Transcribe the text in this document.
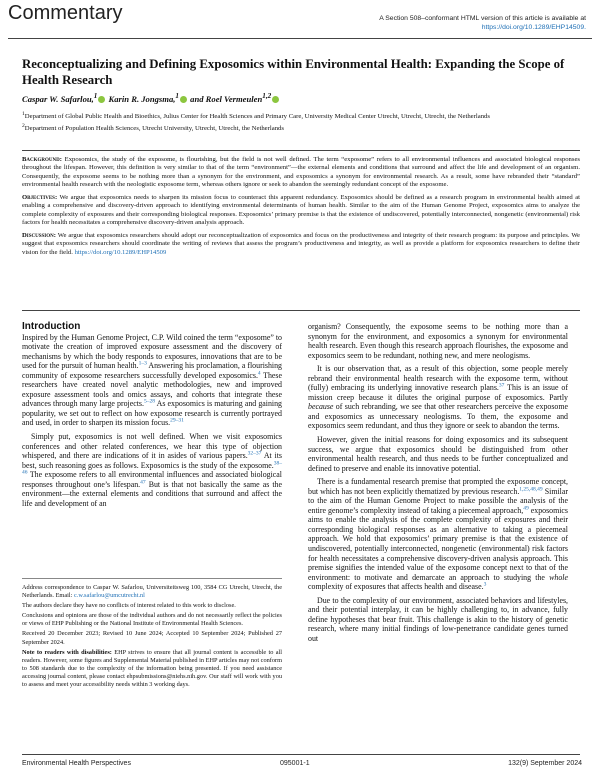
Commentary	A Section 508–conformant HTML version of this article is available at https://doi.org/10.1289/EHP14509.
Reconceptualizing and Defining Exposomics within Environmental Health: Expanding the Scope of Health Research
Caspar W. Safarlou,$^1$ Karin R. Jongsma,$^1$ and Roel Vermeulen$^{1,2}$
$^1$Department of Global Public Health and Bioethics, Julius Center for Health Sciences and Primary Care, University Medical Center Utrecht, Utrecht, Utrecht, the Netherlands
$^2$Department of Population Health Sciences, Utrecht University, Utrecht, Utrecht, the Netherlands

Background: Exposomics, the study of the exposome, is flourishing, but the field is not well defined. The term “exposome” refers to all environmental influences and associated biological responses throughout the lifespan. However, this definition is very similar to that of the term “environment”—the external elements and conditions that surround and affect the life and development of an organism. Consequently, the exposome seems to be nothing more than a synonym for the environment, and exposomics a synonym for environmental research. As a result, some have rebranded their “standard” environmental health research with the neologistic exposome term, whereas others ignore or seek to abandon the seemingly redundant concept of the exposome.

Objectives: We argue that exposomics needs to sharpen its mission focus to counteract this apparent redundancy. Exposomics should be defined as a research program in environmental health aimed at enabling a comprehensive and discovery-driven approach to identifying environmental determinants of human health. Similar to the aim of the Human Genome Project, exposomics aims to analyze the complete complexity of exposures and their corresponding biological responses. Exposomics’ primary premise is that the existence of undiscovered, potentially interconnected, nongenetic (environmental) risk factors for health necessitates a comprehensive discovery-driven analysis approach.

Discussion: We argue that exposomics researchers should adopt our reconceptualization of exposomics and focus on the productiveness and integrity of their research program: its purpose and principles. We suggest that exposomics researchers should coordinate the writing of reviews that assess the program’s productiveness and integrity, as well as provide a platform for exposomics researchers to define their vision for the field. https://doi.org/10.1289/EHP14509

Introduction

Inspired by the Human Genome Project, C.P. Wild coined the term “exposome” to motivate the creation of improved exposure assessment and the discovery of mechanisms by which the body responds to exposures, innovations that are to be used for the pursuit of human health.$^{1-3}$ Answering his proclamation, a flourishing community of exposome researchers successfully developed exposomics.$^4$ These researchers have created novel analytic methodologies, new and improved exposure assessment tools and omics assays, and cohorts that integrate these advances through many large projects.$^{5-28}$ As exposomics is maturing and gaining popularity, we set out to reflect on how exposome research is currently portrayed and used, in order to sharpen its mission focus.$^{29-31}$

Simply put, exposomics is not well defined. When we visit exposomics conferences and other related conferences, we hear this type of objection whispered, and there are indications of it in asides of various papers.$^{32-37}$ At its best, such reasoning goes as follows. Exposomics is the study of the exposome.$^{38-46}$ The exposome refers to all environmental influences and associated biological responses throughout one’s lifespan.$^{47}$ But is that not basically the same as the environment—the external elements and conditions that surround and affect the life and development of an

Address correspondence to Caspar W. Safarlou, Universiteitsweg 100, 3584 CG Utrecht, Utrecht, the Netherlands. Email: c.w.safarlou@umcutrecht.nl

The authors declare they have no conflicts of interest related to this work to disclose.

Conclusions and opinions are those of the individual authors and do not necessarily reflect the policies or views of EHP Publishing or the National Institute of Environmental Health Sciences.

Received 20 December 2023; Revised 10 June 2024; Accepted 10 September 2024; Published 27 September 2024.

Note to readers with disabilities: EHP strives to ensure that all journal content is accessible to all readers. However, some figures and Supplemental Material published in EHP articles may not conform to 508 standards due to the complexity of the information being presented. If you need assistance accessing journal content, please contact ehpsubmissions@niehs.nih.gov. Our staff will work with you to assess and meet your accessibility needs within 3 working days.

organism? Consequently, the exposome seems to be nothing more than a synonym for the environment, and exposomics a synonym for environmental health research. Even though this research approach flourishes, the exposome and exposomics seem to be redundant, nothing new, and mere neologisms.

It is our observation that, as a result of this objection, some people merely rebrand their environmental health research with the exposome term, without (fully) embracing its underlying innovative research plans.$^{37}$ This is an issue of mission creep because it dilutes the original purpose of exposomics. Partly because of such rebranding, we see that other researchers perceive the exposome and exposomics as unnecessary neologisms. To them, the exposome and exposomics seem redundant, and thus they ignore or seek to abandon the terms.

However, given the initial reasons for doing exposomics and its subsequent success, we argue that exposomics should be distinguished from other environmental health research, and thus needs to be further conceptualized and defined to preserve and enable its innovative potential.

There is a fundamental research premise that prompted the exposome concept, but which has not been explicitly thematized by previous research.$^{1,25,48,49}$ Similar to the aim of the Human Genome Project to make possible the analysis of the entire genome’s complexity instead of taking a piecemeal approach,$^{49}$ exposomics aims to enable the analysis of the complete complexity of exposures and their corresponding biological responses as an alternative to taking a piecemeal approach. We hold that exposomics’ primary premise is that the existence of undiscovered, potentially interconnected, nongenetic (environmental) risk factors for health necessitates a comprehensive discovery-driven analysis approach. This premise signifies the intended value of the exposome concept next to that of the environment: to motivate and demarcate an approach to studying the whole complexity of exposures that affects health and disease.$^3$

Due to the complexity of our environment, associated behaviors and lifestyles, and their potential interplay, it can be highly challenging to, in advance, fully define hypotheses that bear fruit. This challenge is akin to the history of genetic research, where many initial findings of low-penetrance candidate genes turned out

Environmental Health Perspectives	095001-1	132(9) September 2024
